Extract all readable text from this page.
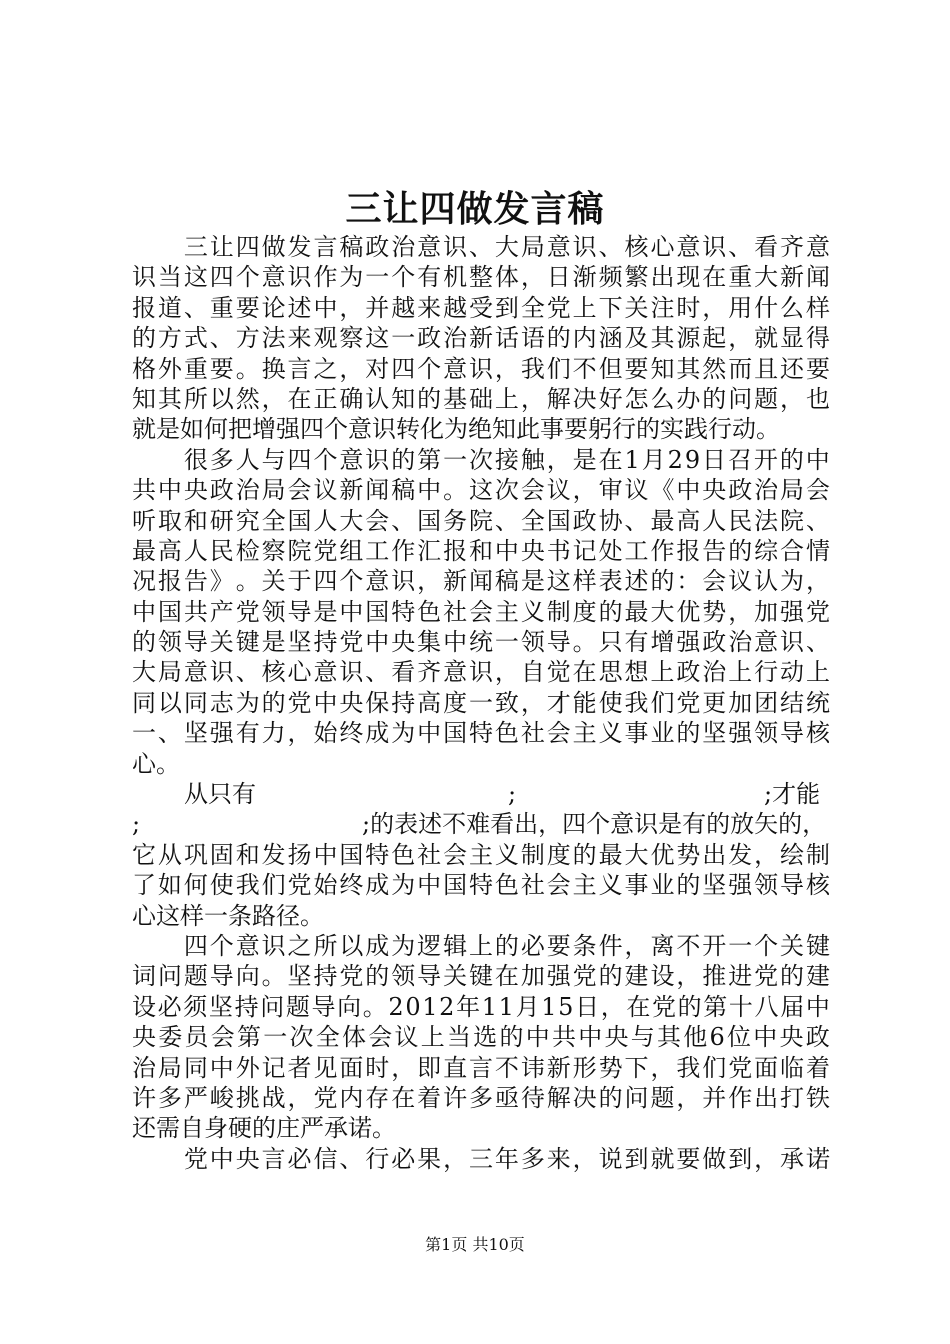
三让四做发言稿

三 让 四 做 发 言 稿 政 治 意 识 、 大 局 意 识 、 核 心 意 识 、 看 齐 意
识 当 这 四 个 意 识 作 为 一 个 有 机 整 体 ， 日 渐 频 繁 出 现 在 重 大 新 闻
报 道 、 重 要 论 述 中 ， 并 越 来 越 受 到 全 党 上 下 关 注 时 ， 用 什 么 样
的 方 式 、 方 法 来 观 察 这 一 政 治 新 话 语 的 内 涵 及 其 源 起 ， 就 显 得
格 外 重 要 。 换 言 之 ， 对 四 个 意 识 ， 我 们 不 但 要 知 其 然 而 且 还 要
知 其 所 以 然 ， 在 正 确 认 知 的 基 础 上 ， 解 决 好 怎 么 办 的 问 题 ， 也
就是如何把增强四个意识转化为绝知此事要躬行的实践行动。

很 多 人 与 四 个 意 识 的 第 一 次 接 触 ， 是 在 1 月 2 9 日 召 开 的 中
共 中 央 政 治 局 会 议 新 闻 稿 中 。 这 次 会 议 ， 审 议 《 中 央 政 治 局 会
听 取 和 研 究 全 国 人 大 会 、 国 务 院 、 全 国 政 协 、 最 高 人 民 法 院 、
最 高 人 民 检 察 院 党 组 工 作 汇 报 和 中 央 书 记 处 工 作 报 告 的 综 合 情
况 报 告 》 。 关 于 四 个 意 识 ， 新 闻 稿 是 这 样 表 述 的 ： 会 议 认 为 ，
中 国 共 产 党 领 导 是 中 国 特 色 社 会 主 义 制 度 的 最 大 优 势 ， 加 强 党
的 领 导 关 键 是 坚 持 党 中 央 集 中 统 一 领 导 。 只 有 增 强 政 治 意 识 、
大 局 意 识 、 核 心 意 识 、 看 齐 意 识 ， 自 觉 在 思 想 上 政 治 上 行 动 上
同 以 同 志 为 的 党 中 央 保 持 高 度 一 致 ， 才 能 使 我 们 党 更 加 团 结 统
一 、 坚 强 有 力 ， 始 终 成 为 中 国 特 色 社 会 主 义 事 业 的 坚 强 领 导 核
心。
从只有	;	;才能
;	;的表述不难看出，四个意识是有的放矢的，
它 从 巩 固 和 发 扬 中 国 特 色 社 会 主 义 制 度 的 最 大 优 势 出 发 ， 绘 制
了 如 何 使 我 们 党 始 终 成 为 中 国 特 色 社 会 主 义 事 业 的 坚 强 领 导 核
心这样一条路径。

四 个 意 识 之 所 以 成 为 逻 辑 上 的 必 要 条 件 ， 离 不 开 一 个 关 键
词 问 题 导 向 。 坚 持 党 的 领 导 关 键 在 加 强 党 的 建 设 ， 推 进 党 的 建
设 必 须 坚 持 问 题 导 向 。 2 0 1 2 年 1 1 月 1 5 日 ， 在 党 的 第 十 八 届 中
央 委 员 会 第 一 次 全 体 会 议 上 当 选 的 中 共 中 央 与 其 他 6 位 中 央 政
治 局 同 中 外 记 者 见 面 时 ， 即 直 言 不 讳 新 形 势 下 ， 我 们 党 面 临 着
许 多 严 峻 挑 战 ， 党 内 存 在 着 许 多 亟 待 解 决 的 问 题 ， 并 作 出 打 铁
还需自身硬的庄严承诺。

党 中 央 言 必 信 、 行 必 果 ， 三 年 多 来 ， 说 到 就 要 做 到 ， 承 诺
第1页 共10页
